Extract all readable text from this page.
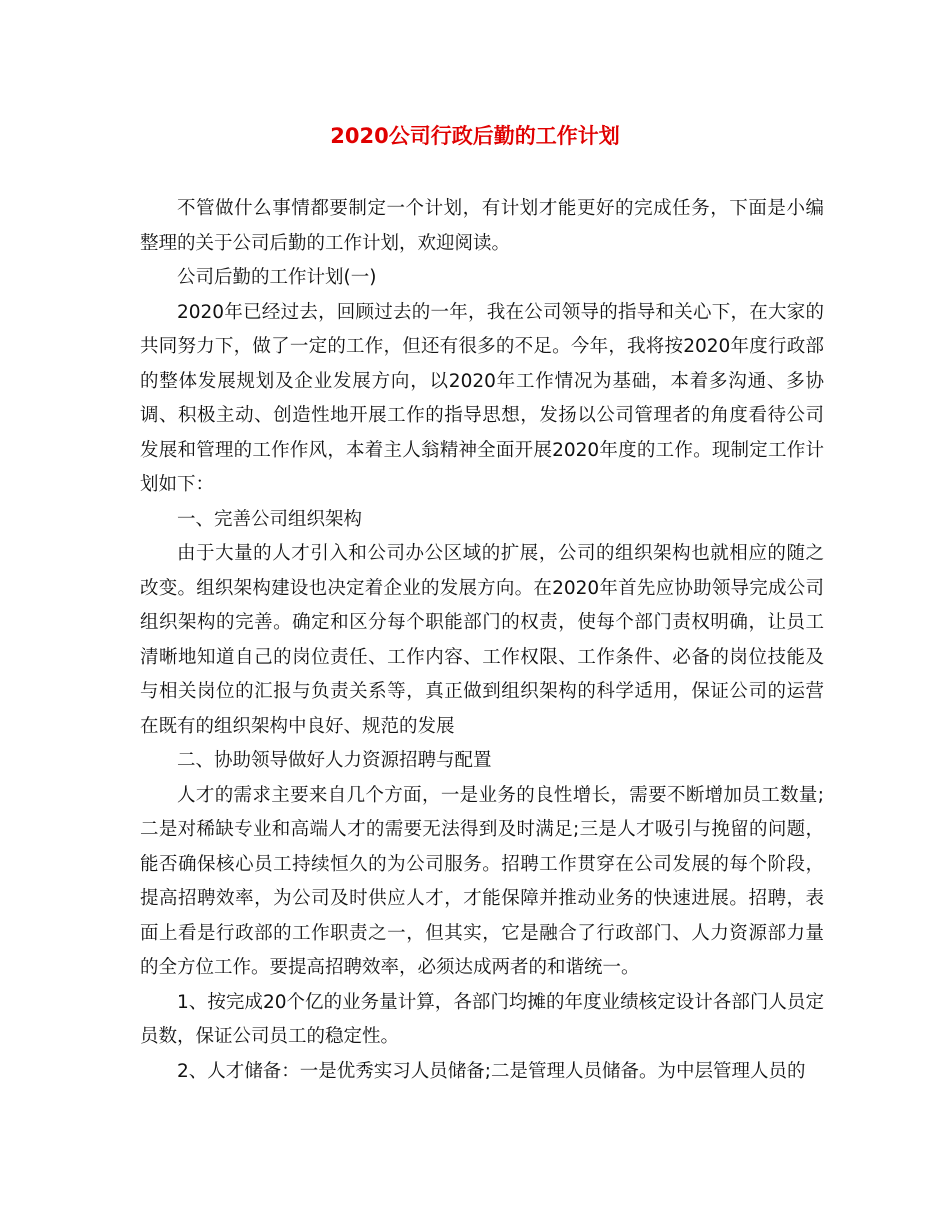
2020公司行政后勤的工作计划

不管做什么事情都要制定一个计划，有计划才能更好的完成任务，下面是小编整理的关于公司后勤的工作计划，欢迎阅读。

公司后勤的工作计划(一)

2020年已经过去，回顾过去的一年，我在公司领导的指导和关心下，在大家的共同努力下，做了一定的工作，但还有很多的不足。今年，我将按2020年度行政部的整体发展规划及企业发展方向，以2020年工作情况为基础，本着多沟通、多协调、积极主动、创造性地开展工作的指导思想，发扬以公司管理者的角度看待公司发展和管理的工作作风，本着主人翁精神全面开展2020年度的工作。现制定工作计划如下：

一、完善公司组织架构

由于大量的人才引入和公司办公区域的扩展，公司的组织架构也就相应的随之改变。组织架构建设也决定着企业的发展方向。在2020年首先应协助领导完成公司组织架构的完善。确定和区分每个职能部门的权责，使每个部门责权明确，让员工清晰地知道自己的岗位责任、工作内容、工作权限、工作条件、必备的岗位技能及与相关岗位的汇报与负责关系等，真正做到组织架构的科学适用，保证公司的运营在既有的组织架构中良好、规范的发展

二、协助领导做好人力资源招聘与配置

人才的需求主要来自几个方面，一是业务的良性增长，需要不断增加员工数量;二是对稀缺专业和高端人才的需要无法得到及时满足;三是人才吸引与挽留的问题，能否确保核心员工持续恒久的为公司服务。招聘工作贯穿在公司发展的每个阶段，提高招聘效率，为公司及时供应人才，才能保障并推动业务的快速进展。招聘，表面上看是行政部的工作职责之一，但其实，它是融合了行政部门、人力资源部力量的全方位工作。要提高招聘效率，必须达成两者的和谐统一。

1、按完成20个亿的业务量计算，各部门均摊的年度业绩核定设计各部门人员定员数，保证公司员工的稳定性。

2、人才储备：一是优秀实习人员储备;二是管理人员储备。为中层管理人员的
